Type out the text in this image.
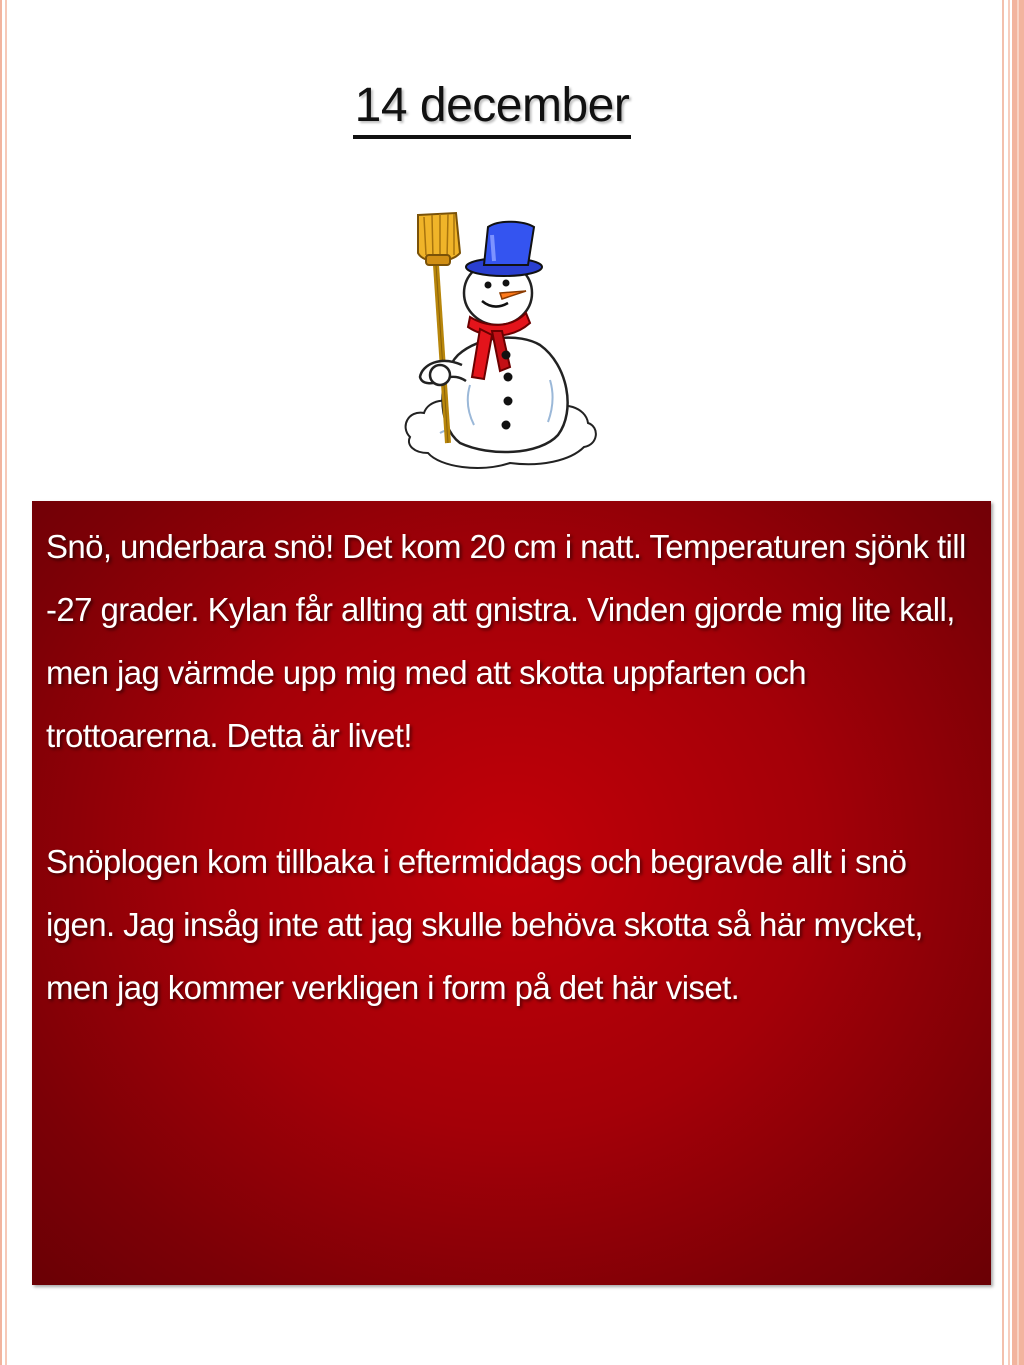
14 december

Snö, underbara snö! Det kom 20 cm i natt. Temperaturen sjönk till -27 grader. Kylan får allting att gnistra. Vinden gjorde mig lite kall, men jag värmde upp mig med att skotta uppfarten och trottoarerna. Detta är livet!

Snöplogen kom tillbaka i eftermiddags och begravde allt i snö igen. Jag insåg inte att jag skulle behöva skotta så här mycket, men jag kommer verkligen i form på det här viset.
